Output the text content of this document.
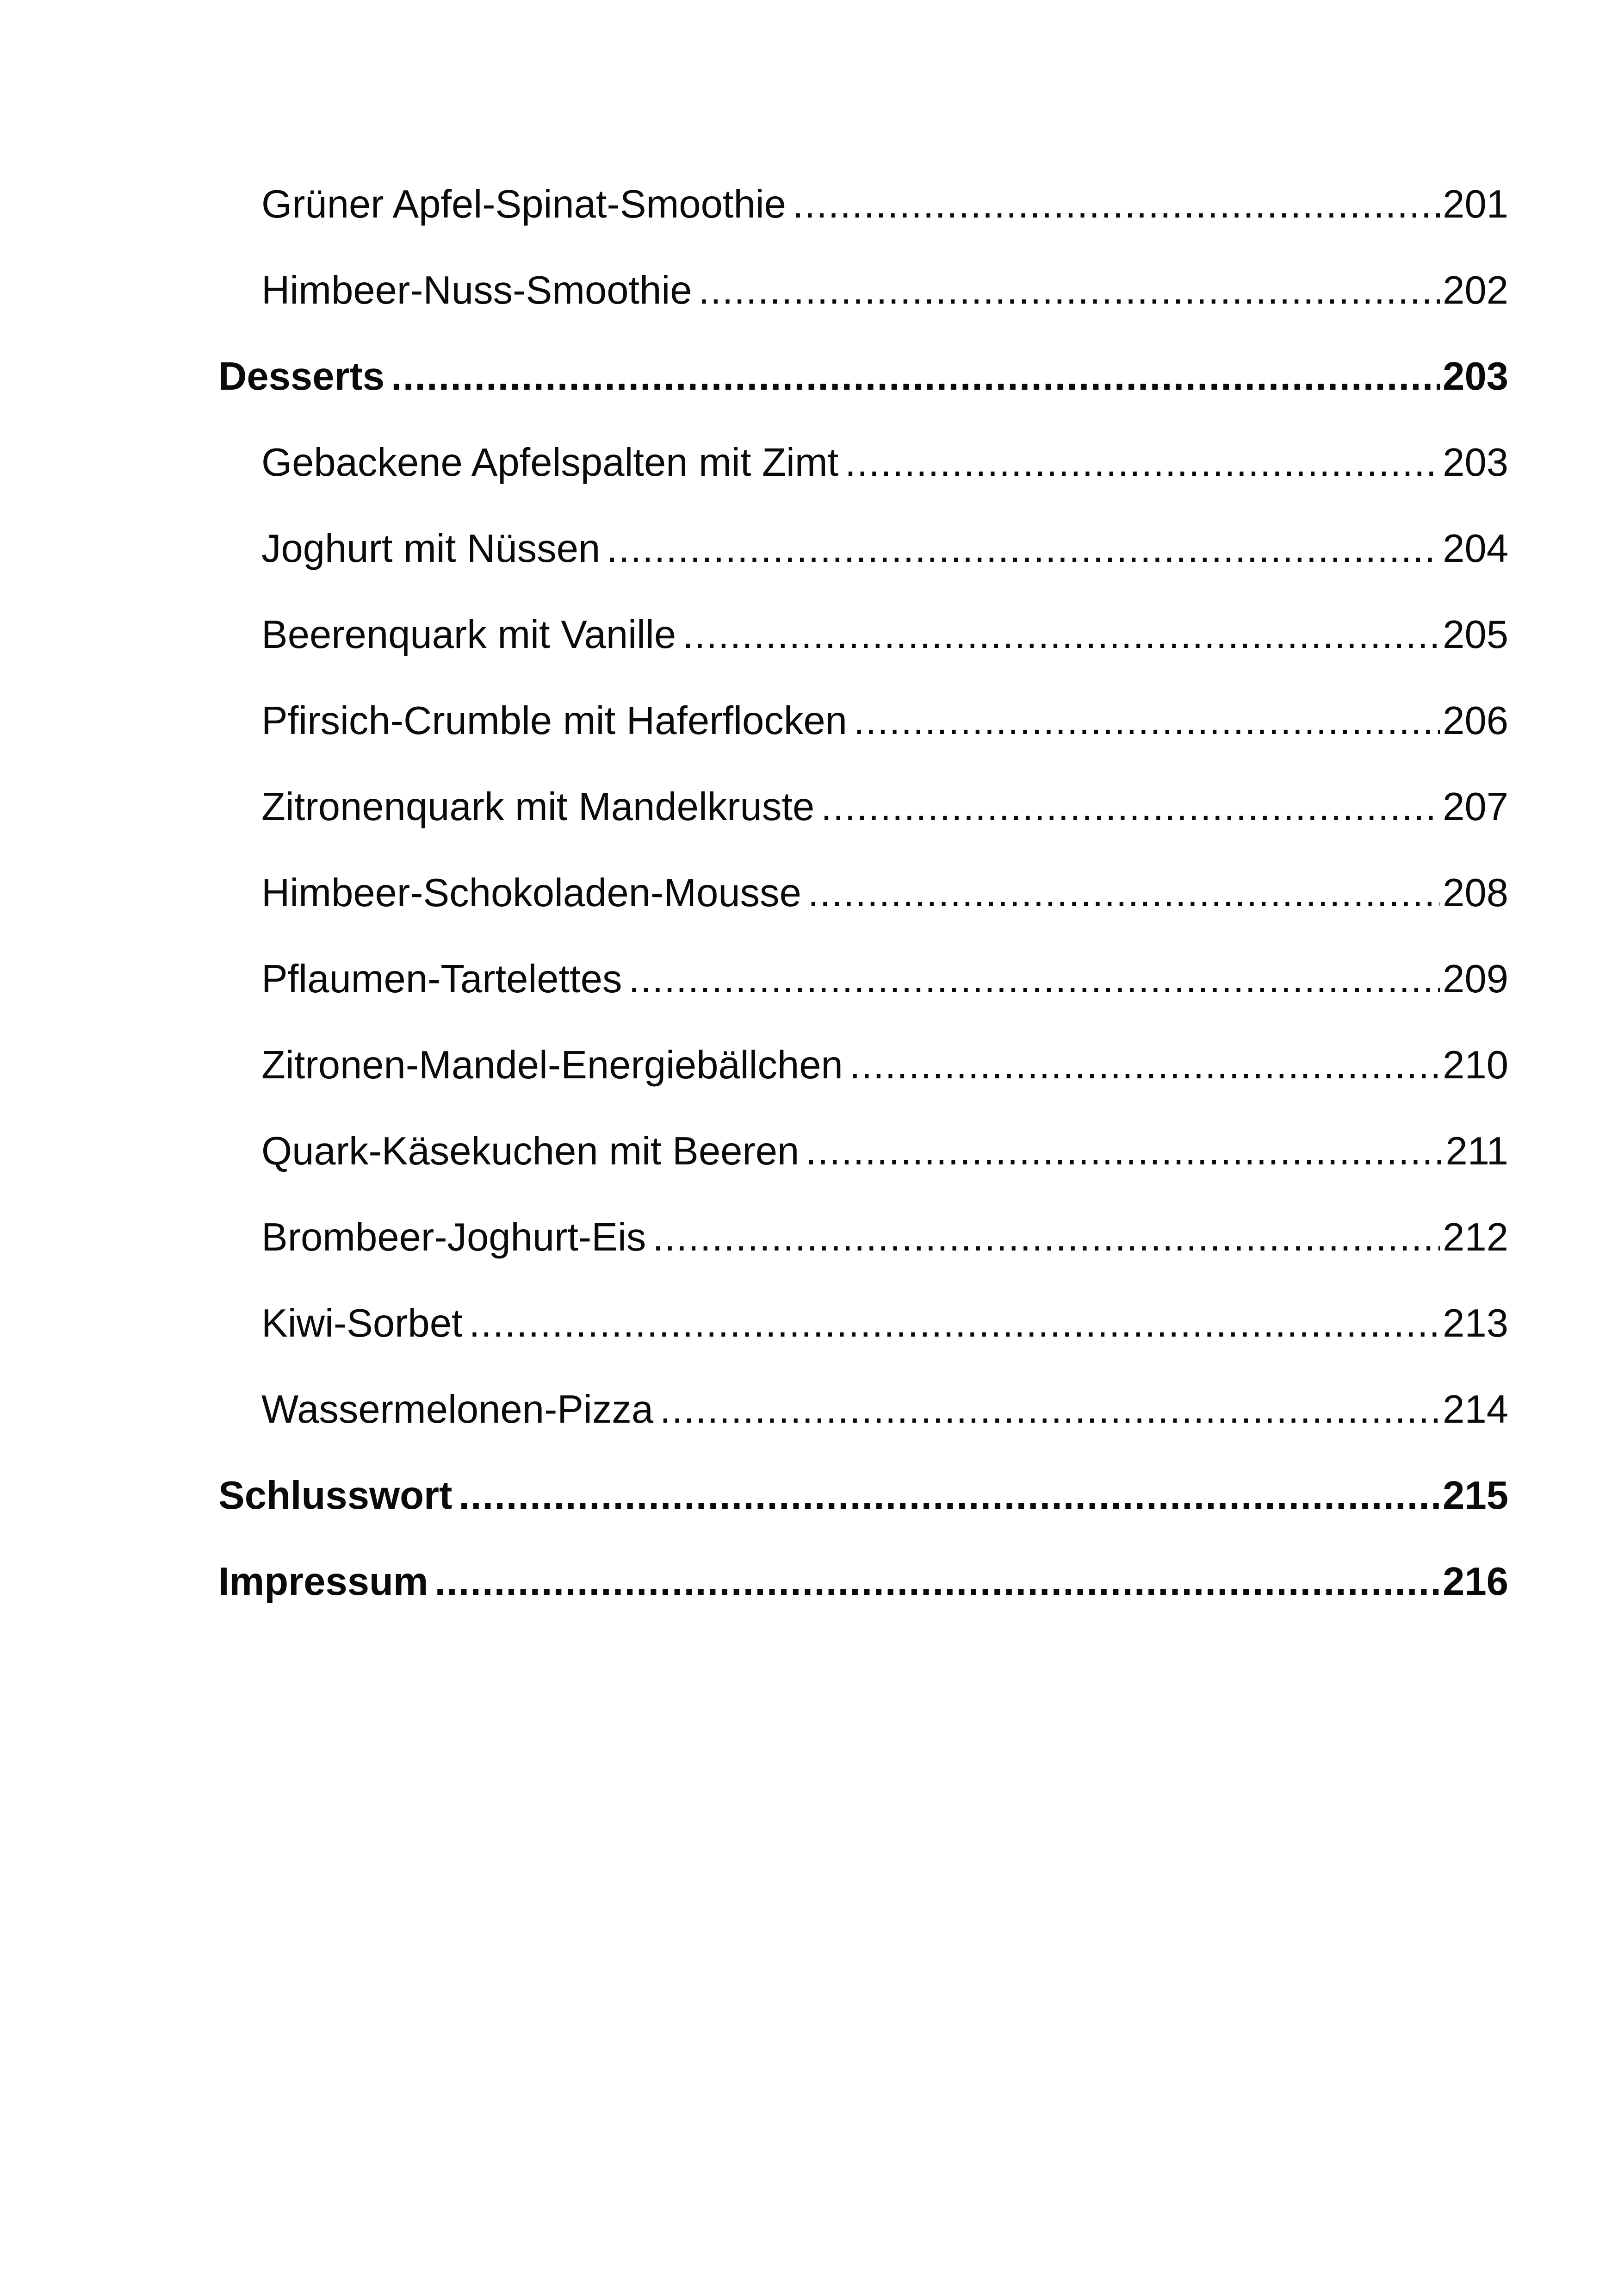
Grüner Apfel-Spinat-Smoothie .....	201
Himbeer-Nuss-Smoothie .....	202
Desserts .....	203
Gebackene Apfelspalten mit Zimt .....	203
Joghurt mit Nüssen .....	204
Beerenquark mit Vanille .....	205
Pfirsich-Crumble mit Haferflocken .....	206
Zitronenquark mit Mandelkruste .....	207
Himbeer-Schokoladen-Mousse .....	208
Pflaumen-Tartelettes .....	209
Zitronen-Mandel-Energiebällchen .....	210
Quark-Käsekuchen mit Beeren .....	211
Brombeer-Joghurt-Eis .....	212
Kiwi-Sorbet .....	213
Wassermelonen-Pizza .....	214
Schlusswort .....	215
Impressum .....	216
